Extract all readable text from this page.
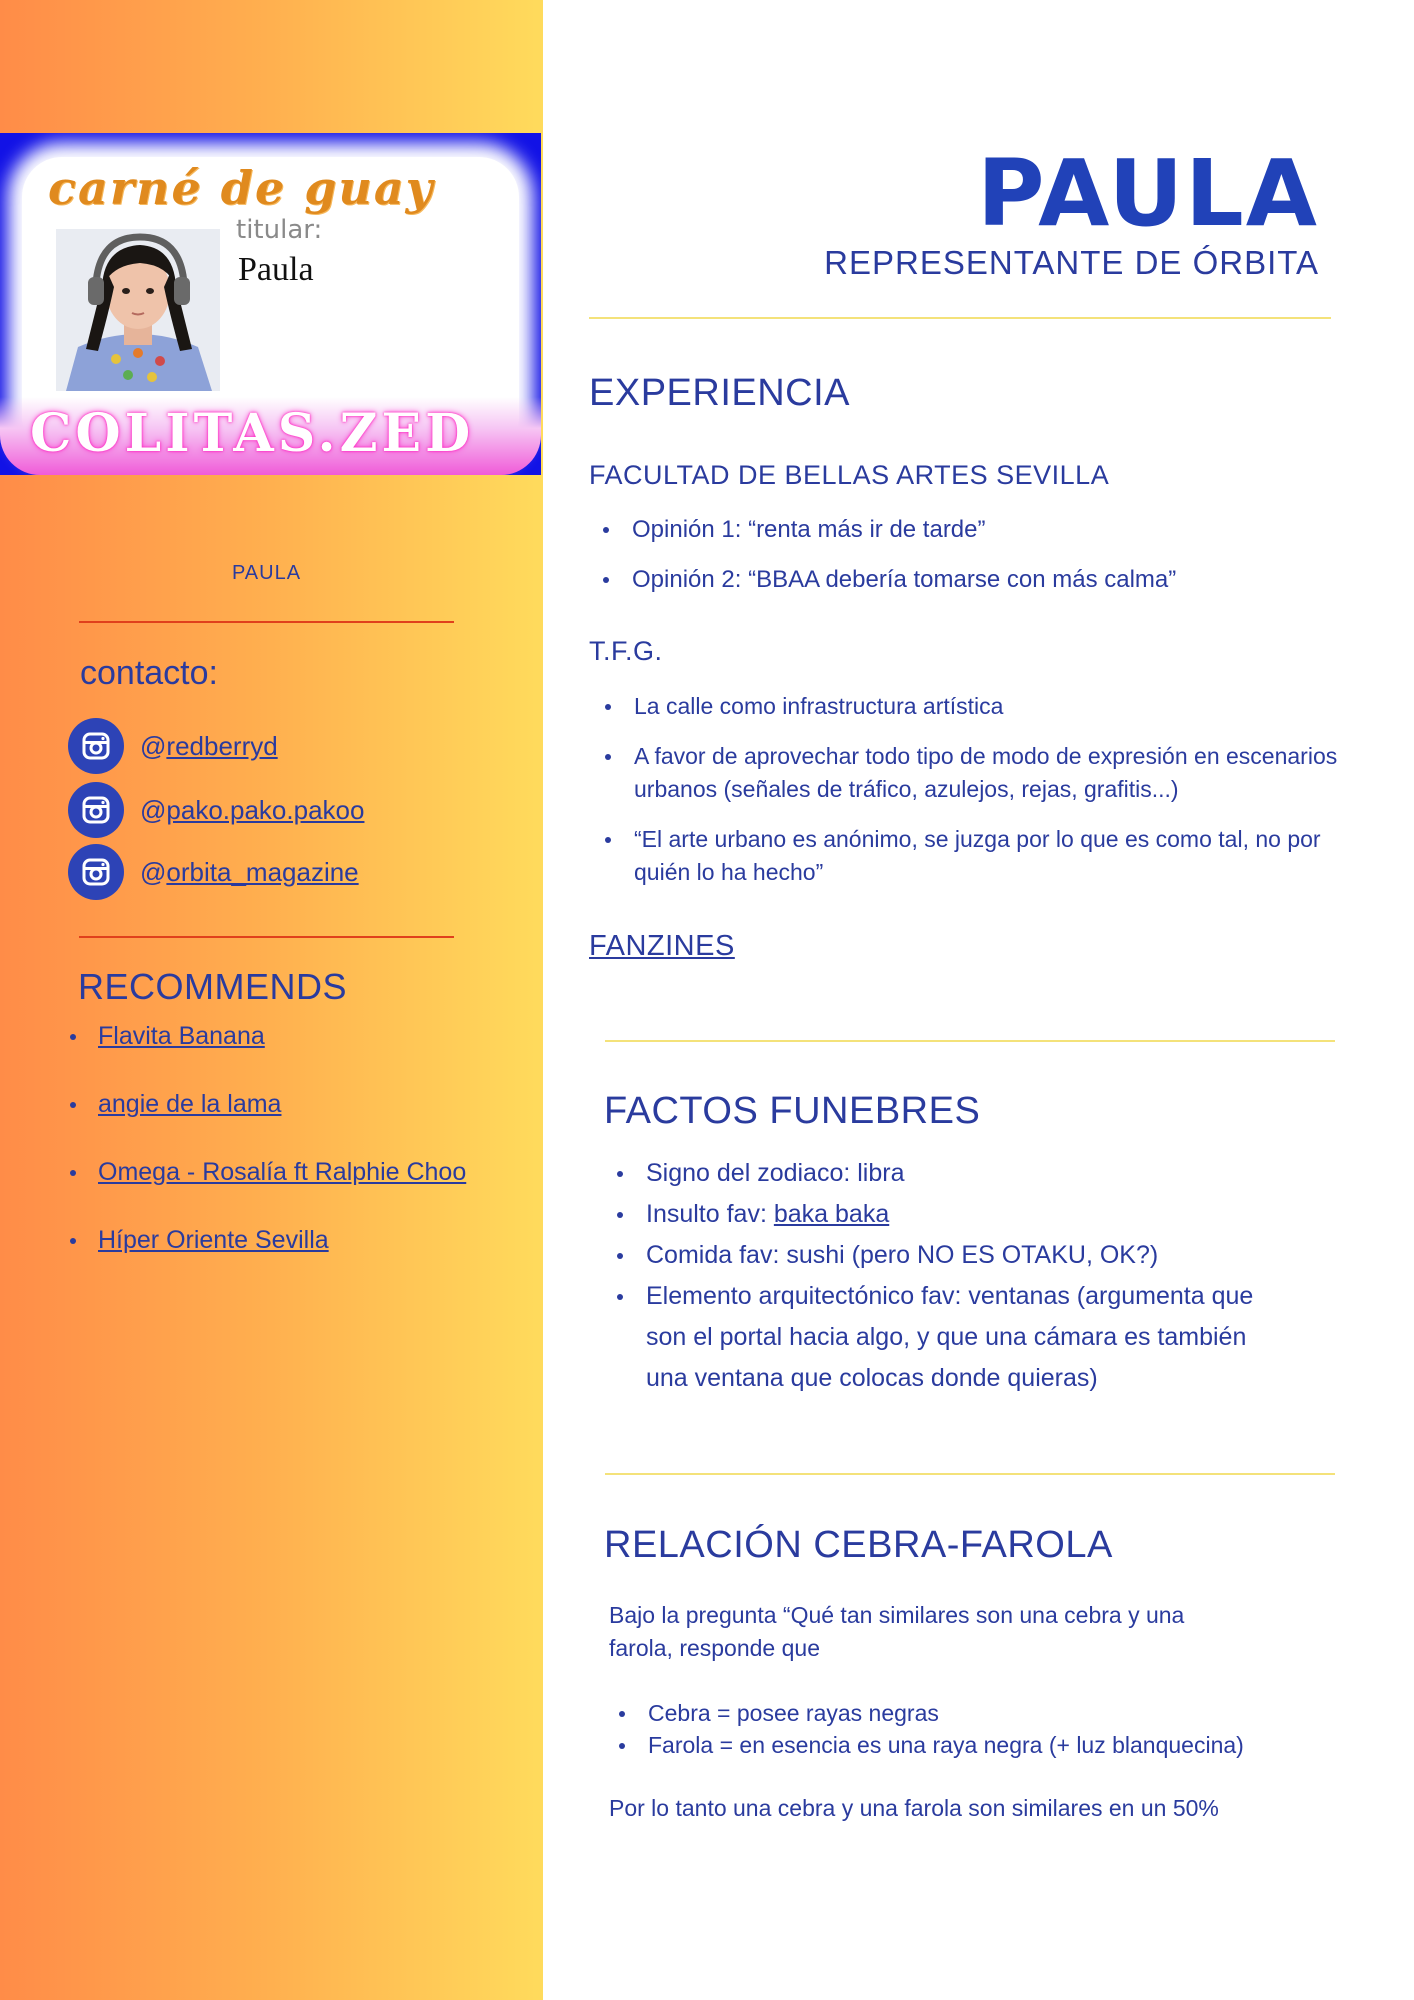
carné de guay
titular:
Paula
COLITAS.ZED
PAULA
contacto:
@redberryd
@pako.pako.pakoo
@orbita_magazine
RECOMMENDS
Flavita Banana
angie de la lama
Omega - Rosalía ft Ralphie Choo
Híper Oriente Sevilla
PAULA
REPRESENTANTE DE ÓRBITA
EXPERIENCIA
FACULTAD DE BELLAS ARTES SEVILLA
Opinión 1: “renta más ir de tarde”
Opinión 2: “BBAA debería tomarse con más calma”
T.F.G.
La calle como infrastructura artística
A favor de aprovechar todo tipo de modo de expresión en escenarios urbanos (señales de tráfico, azulejos, rejas, grafitis...)
“El arte urbano es anónimo, se juzga por lo que es como tal, no por quién lo ha hecho”
FANZINES
FACTOS FUNEBRES
Signo del zodiaco: libra
Insulto fav: baka baka
Comida fav: sushi (pero NO ES OTAKU, OK?)
Elemento arquitectónico fav: ventanas (argumenta que son el portal hacia algo, y que una cámara es también una ventana que colocas donde quieras)
RELACIÓN CEBRA-FAROLA
Bajo la pregunta “Qué tan similares son una cebra y una farola, responde que
Cebra = posee rayas negras
Farola = en esencia es una raya negra (+ luz blanquecina)
Por lo tanto una cebra y una farola son similares en un 50%
